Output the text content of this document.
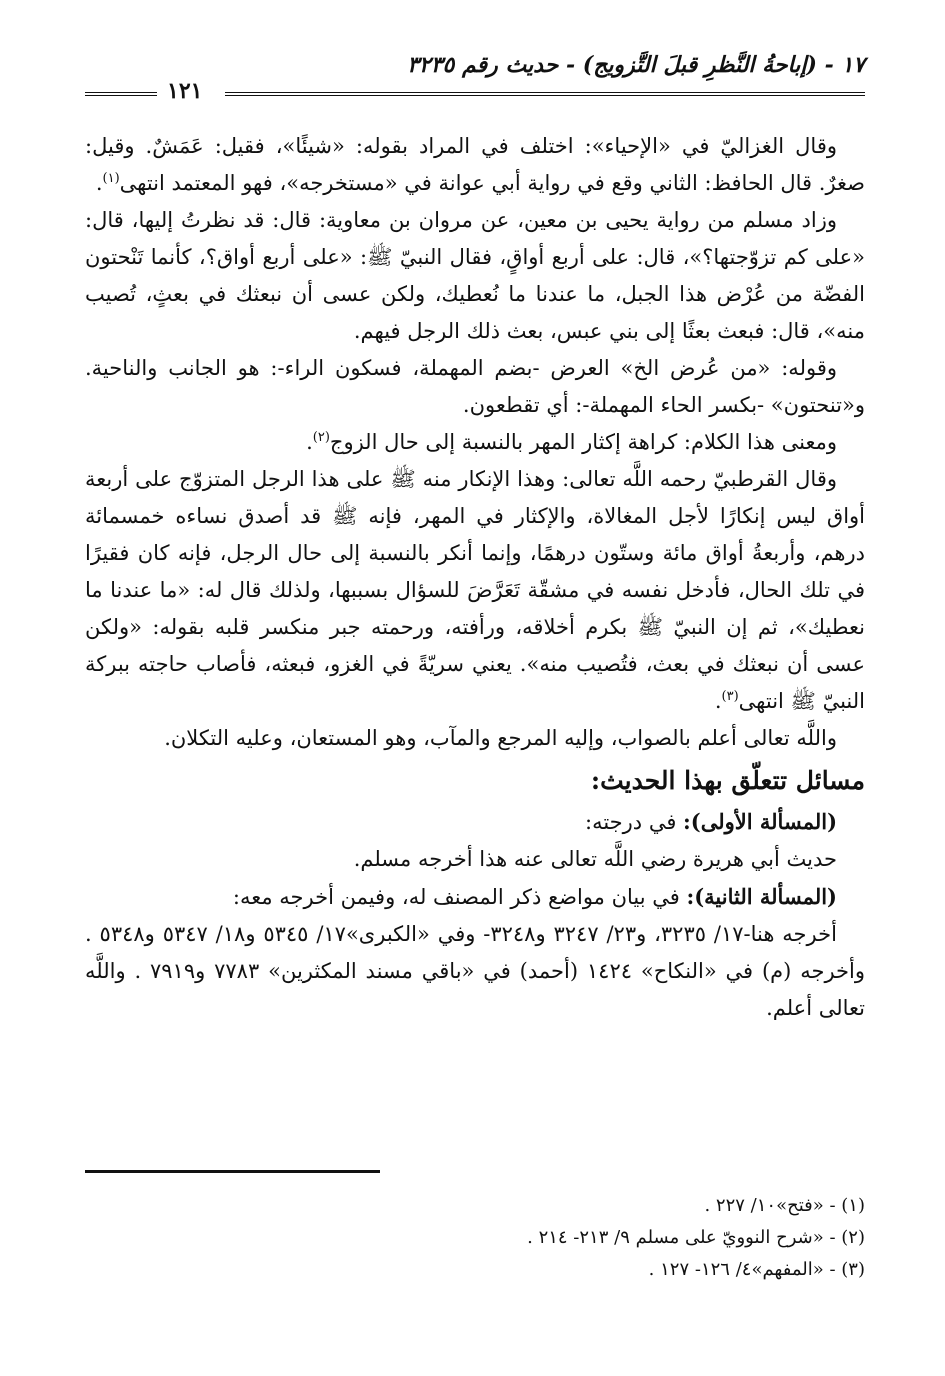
١٧ - (إباحةُ النَّظرِ قبلَ التَّزويج) - حديث رقم ٣٢٣٥
١٢١

وقال الغزاليّ في «الإحياء»: اختلف في المراد بقوله: «شيئًا»، فقيل: عَمَشٌ. وقيل: صغرٌ. قال الحافظ: الثاني وقع في رواية أبي عوانة في «مستخرجه»، فهو المعتمد انتهى$^{(١)}$.

وزاد مسلم من رواية يحيى بن معين، عن مروان بن معاوية: قال: قد نظرتُ إليها، قال: «على كم تزوّجتها؟»، قال: على أربع أواقٍ، فقال النبيّ ﷺ: «على أربع أواق؟، كأنما تَنْحتون الفضّة من عُرْض هذا الجبل، ما عندنا ما نُعطيك، ولكن عسى أن نبعثك في بعثٍ، تُصيب منه»، قال: فبعث بعثًا إلى بني عبس، بعث ذلك الرجل فيهم.

وقوله: «من عُرض الخ» العرض -بضم المهملة، فسكون الراء-: هو الجانب والناحية. و«تنحتون» -بكسر الحاء المهملة-: أي تقطعون.

ومعنى هذا الكلام: كراهة إكثار المهر بالنسبة إلى حال الزوج$^{(٢)}$.

وقال القرطبيّ رحمه اللَّه تعالى: وهذا الإنكار منه ﷺ على هذا الرجل المتزوّج على أربعة أواق ليس إنكارًا لأجل المغالاة، والإكثار في المهر، فإنه ﷺ قد أصدق نساءه خمسمائة درهم، وأربعةُ أواق مائة وستّون درهمًا، وإنما أنكر بالنسبة إلى حال الرجل، فإنه كان فقيرًا في تلك الحال، فأدخل نفسه في مشقّة تَعَرَّضَ للسؤال بسببها، ولذلك قال له: «ما عندنا ما نعطيك»، ثم إن النبيّ ﷺ بكرم أخلاقه، ورأفته، ورحمته جبر منكسر قلبه بقوله: «ولكن عسى أن نبعثك في بعث، فتُصيب منه». يعني سريّةً في الغزو، فبعثه، فأصاب حاجته ببركة النبيّ ﷺ انتهى$^{(٣)}$.

واللَّه تعالى أعلم بالصواب، وإليه المرجع والمآب، وهو المستعان، وعليه التكلان.

مسائل تتعلّق بهذا الحديث:

(المسألة الأولى): في درجته:

حديث أبي هريرة رضي اللَّه تعالى عنه هذا أخرجه مسلم.

(المسألة الثانية): في بيان مواضع ذكر المصنف له، وفيمن أخرجه معه:

أخرجه هنا-١٧/ ٣٢٣٥، و٢٣/ ٣٢٤٧ و٣٢٤٨- وفي «الكبرى»١٧/ ٥٣٤٥ و١٨/ ٥٣٤٧ و٥٣٤٨ . وأخرجه (م) في «النكاح» ١٤٢٤ (أحمد) في «باقي مسند المكثرين» ٧٧٨٣ و٧٩١٩ . واللَّه تعالى أعلم.

(١) - «فتح»١٠/ ٢٢٧ .

(٢) - «شرح النوويّ على مسلم ٩/ ٢١٣- ٢١٤ .

(٣) - «المفهم»٤/ ١٢٦- ١٢٧ .
